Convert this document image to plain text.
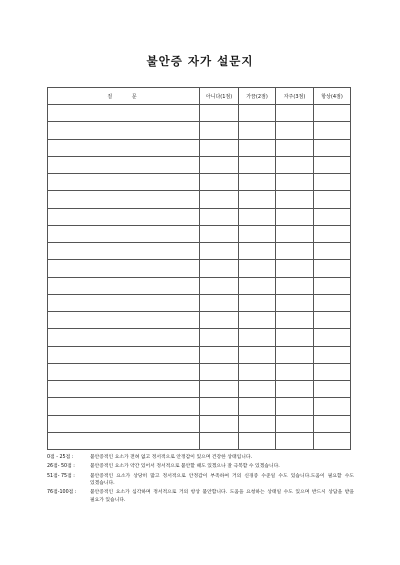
불안증 자가 설문지
질 문	아니다(1점)	가끔(2점)	자주(3점)	항상(4점)

0점 - 25점 :	불안증적인 요소가 전혀 없고 정서적으로 안정감이 있으며 건강한 상태입니다.
26점- 50점 :	불안증적인 요소가 약간 있어서 정서적으로 불안할 때도 있겠으나 잘 극복할 수 있겠습니다.
51점- 75점 :	불안증적인 요소가 상당히 많고 정서적으로 안정감이 부족하여 거의 신경증 수준일 수도 있습니다.도움이 필요할 수도 있겠습니다.
76점-100점 :	불안증적인 요소가 심각하며 정서적으로 거의 항상 불안합니다. 도움을 요청하는 상태일 수도 있으며 반드시 상담을 받을 필요가 있습니다.
